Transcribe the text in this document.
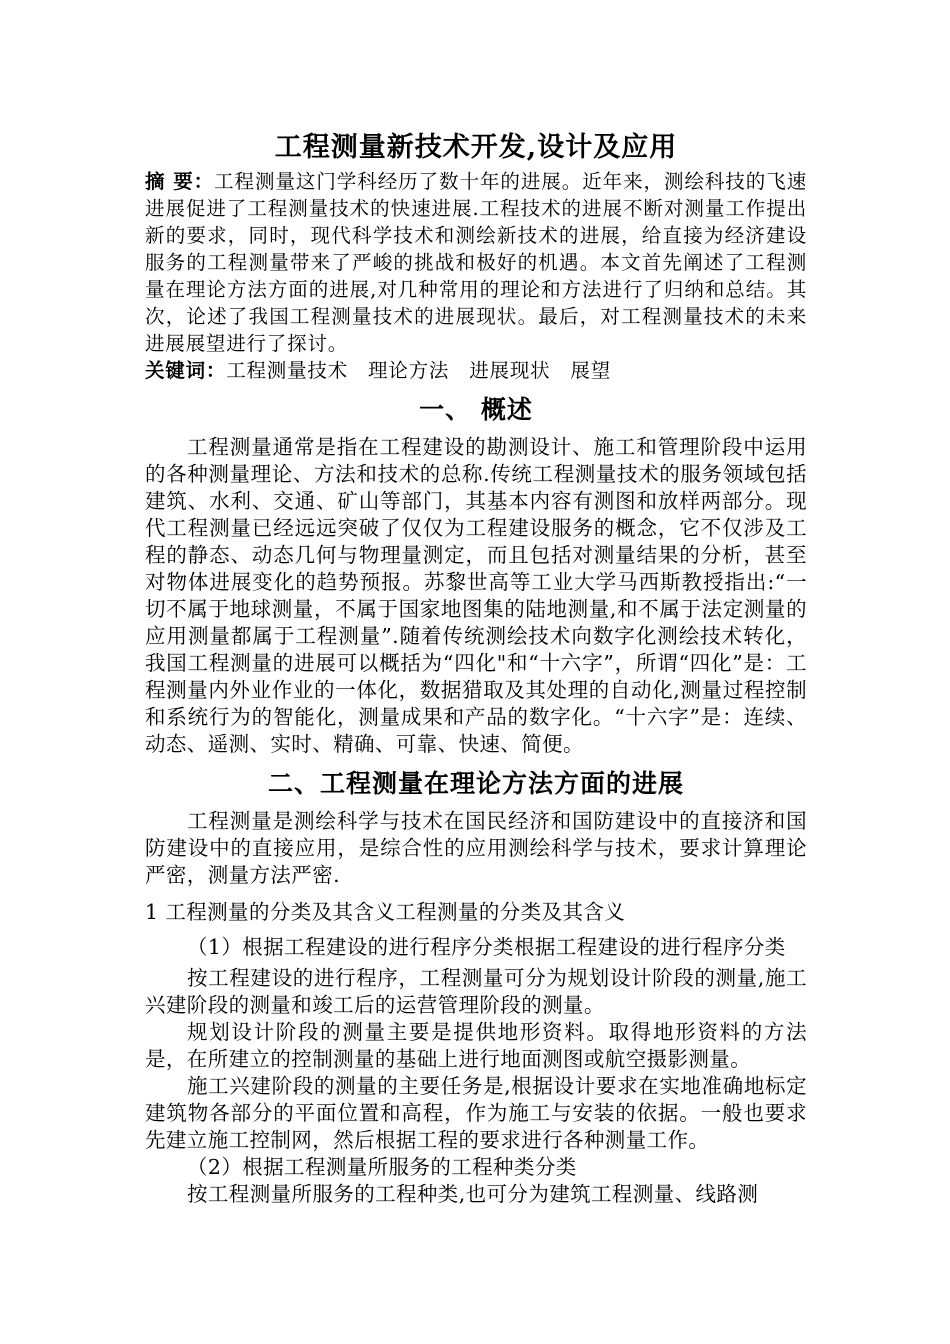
工程测量新技术开发,设计及应用

摘 要：工程测量这门学科经历了数十年的进展。近年来，测绘科技的飞速进展促进了工程测量技术的快速进展.工程技术的进展不断对测量工作提出新的要求，同时，现代科学技术和测绘新技术的进展，给直接为经济建设服务的工程测量带来了严峻的挑战和极好的机遇。本文首先阐述了工程测量在理论方法方面的进展,对几种常用的理论和方法进行了归纳和总结。其次，论述了我国工程测量技术的进展现状。最后，对工程测量技术的未来进展展望进行了探讨。

关键词：工程测量技术 理论方法 进展现状 展望

一、 概述

工程测量通常是指在工程建设的勘测设计、施工和管理阶段中运用的各种测量理论、方法和技术的总称.传统工程测量技术的服务领域包括建筑、水利、交通、矿山等部门，其基本内容有测图和放样两部分。现代工程测量已经远远突破了仅仅为工程建设服务的概念，它不仅涉及工程的静态、动态几何与物理量测定，而且包括对测量结果的分析，甚至对物体进展变化的趋势预报。苏黎世高等工业大学马西斯教授指出:“一切不属于地球测量，不属于国家地图集的陆地测量,和不属于法定测量的应用测量都属于工程测量”.随着传统测绘技术向数字化测绘技术转化，我国工程测量的进展可以概括为“四化"和“十六字”，所谓“四化”是：工程测量内外业作业的一体化，数据猎取及其处理的自动化,测量过程控制和系统行为的智能化，测量成果和产品的数字化。“十六字”是：连续、动态、遥测、实时、精确、可靠、快速、简便。

二、工程测量在理论方法方面的进展

工程测量是测绘科学与技术在国民经济和国防建设中的直接济和国防建设中的直接应用，是综合性的应用测绘科学与技术，要求计算理论严密，测量方法严密.

1 工程测量的分类及其含义工程测量的分类及其含义

（1）根据工程建设的进行程序分类根据工程建设的进行程序分类

按工程建设的进行程序，工程测量可分为规划设计阶段的测量,施工兴建阶段的测量和竣工后的运营管理阶段的测量。

规划设计阶段的测量主要是提供地形资料。取得地形资料的方法是，在所建立的控制测量的基础上进行地面测图或航空摄影测量。

施工兴建阶段的测量的主要任务是,根据设计要求在实地准确地标定建筑物各部分的平面位置和高程，作为施工与安装的依据。一般也要求先建立施工控制网，然后根据工程的要求进行各种测量工作。

（2）根据工程测量所服务的工程种类分类

按工程测量所服务的工程种类,也可分为建筑工程测量、线路测
